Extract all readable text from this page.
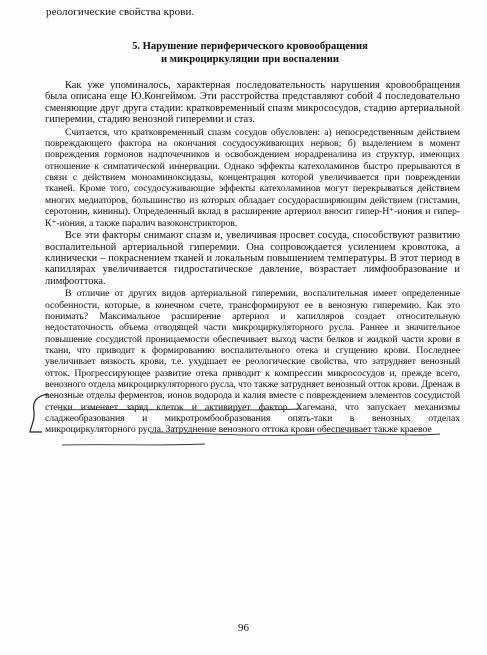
реологические свойства крови.
5. Нарушение периферического кровообращения
и микроциркуляции при воспалении

Как уже упоминалось, характерная последовательность нарушения кровообращения была описана еще Ю.Конгеймом. Эти расстройства представляют собой 4 последовательно сменяющие друг друга стадии: кратковременный спазм микрососудов, стадию артериальной гиперемии, стадию венозной гиперемии и стаз.

Считается, что кратковременный спазм сосудов обусловлен: а) непосредственным действием повреждающего фактора на окончания сосудосуживающих нервов; б) выделением в момент повреждения гормонов надпочечников и освобождением норадреналина из структур, имеющих отношение к симпатической иннервации. Однако эффекты катехоламинов быстро прерываются в связи с действием моноаминоксидазы, концентрация которой увеличивается при повреждении тканей. Кроме того, сосудосуживающие эффекты катехоламинов могут перекрываться действием многих медиаторов, большинство из которых обладает сосудорасширяющим действием (гистамин, серотонин, кинины). Определенный вклад в расширение артериол вносит гипер-Н⁺-иония и гипер-К⁺-иония, а также паралич вазоконстрикторов.

Все эти факторы снимают спазм и, увеличивая просвет сосуда, способствуют развитию воспалительной артериальной гиперемии. Она сопровождается усилением кровотока, а клинически – покраснением тканей и локальным повышением температуры. В этот период в капиллярах увеличивается гидростатическое давление, возрастает лимфообразование и лимфооттока.

В отличие от других видов артериальной гиперемии, воспалительная имеет определенные особенности, которые, в конечном счете, трансформируют ее в венозную гиперемию. Как это понимать? Максимальное расширение артериол и капилляров создает относительную недостаточность объема отводящей части микроциркуляторного русла. Раннее и значительное повышение сосудистой проницаемости обеспечивает выход части белков и жидкой части крови в ткани, что приводит к формированию воспалительного отека и сгущению крови. Последнее увеличивает вязкость крови, т.е. ухудшает ее реологические свойства, что затрудняет венозный отток. Прогрессирующее развитие отека приводит к компрессии микрососудов и, прежде всего, венозного отдела микроциркуляторного русла, что также затрудняет венозный отток крови. Дренаж в венозные отделы ферментов, ионов водорода и калия вместе с повреждением элементов сосудистой стенки изменяет заряд клеток и активирует фактор Хагемана, что запускает механизмы сладжеобразования и микротромбообразования опять-таки в венозных отделах микроциркуляторного русла. Затруднение венозного оттока крови обеспечивает также краевое

96
